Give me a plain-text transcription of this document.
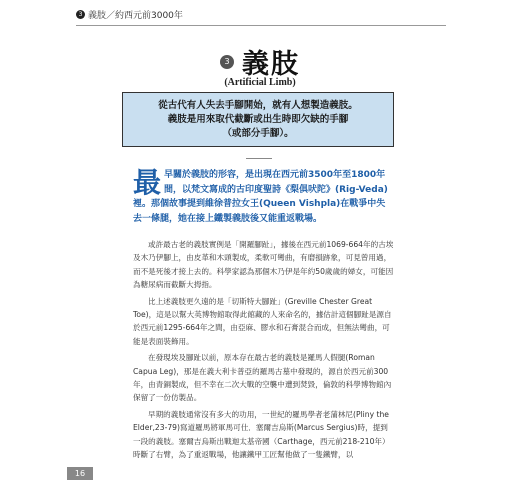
3 義肢／約西元前3000年
3 義肢
(Artificial Limb)
從古代有人失去手腳開始，就有人想製造義肢。
義肢是用來取代截斷或出生時即欠缺的手腳
（或部分手腳）。
最 早關於義肢的形容，是出現在西元前3500年至1800年間，以梵文寫成的古印度聖詩《梨俱吠陀》(Rig-Veda)裡。那個故事提到維徐普拉女王(Queen Vishpla)在戰爭中失去一條腿，她在接上鐵製義肢後又能重返戰場。

或許最古老的義肢實例是「開羅腳趾」，據後在西元前1069-664年的古埃及木乃伊腳上，由皮革和木頭製成，柔軟可彎曲，有磨損跡象，可見曾用過，而不是死後才接上去的。科學家認為那個木乃伊是年約50歲歲的婦女，可能因為糖尿病而截斷大拇指。

比上述義肢更久遠的是「切斯特大腳趾」(Greville Chester Great Toe)，這是以幫大英博物館取得此館藏的人來命名的，據估計這個腳趾是源自於西元前1295-664年之間，由亞麻、膠水和石膏混合而成，但無法彎曲，可能是表面裝飾用。

在發現埃及腳趾以前，原本存在最古老的義肢是羅馬人假腿(Roman Capua Leg)，那是在義大利卡普亞的羅馬古墓中發現的，源自於西元前300年，由青銅製成，但不幸在二次大戰的空襲中遭到焚毀，倫敦的科學博物館內保留了一份仿製品。

早期的義肢通常沒有多大的功用，一世紀的羅馬學者老蒲林尼(Pliny the Elder,23-79)寫道羅馬將軍馬可仕．塞爾吉烏斯(Marcus Sergius)時，提到一段的義肢。塞爾吉烏斯出戰迦太基帝國（Carthage，西元前218-210年）時斷了右臂，為了重返戰場，他讓鐵甲工匠幫他做了一隻鐵臂，以

16
